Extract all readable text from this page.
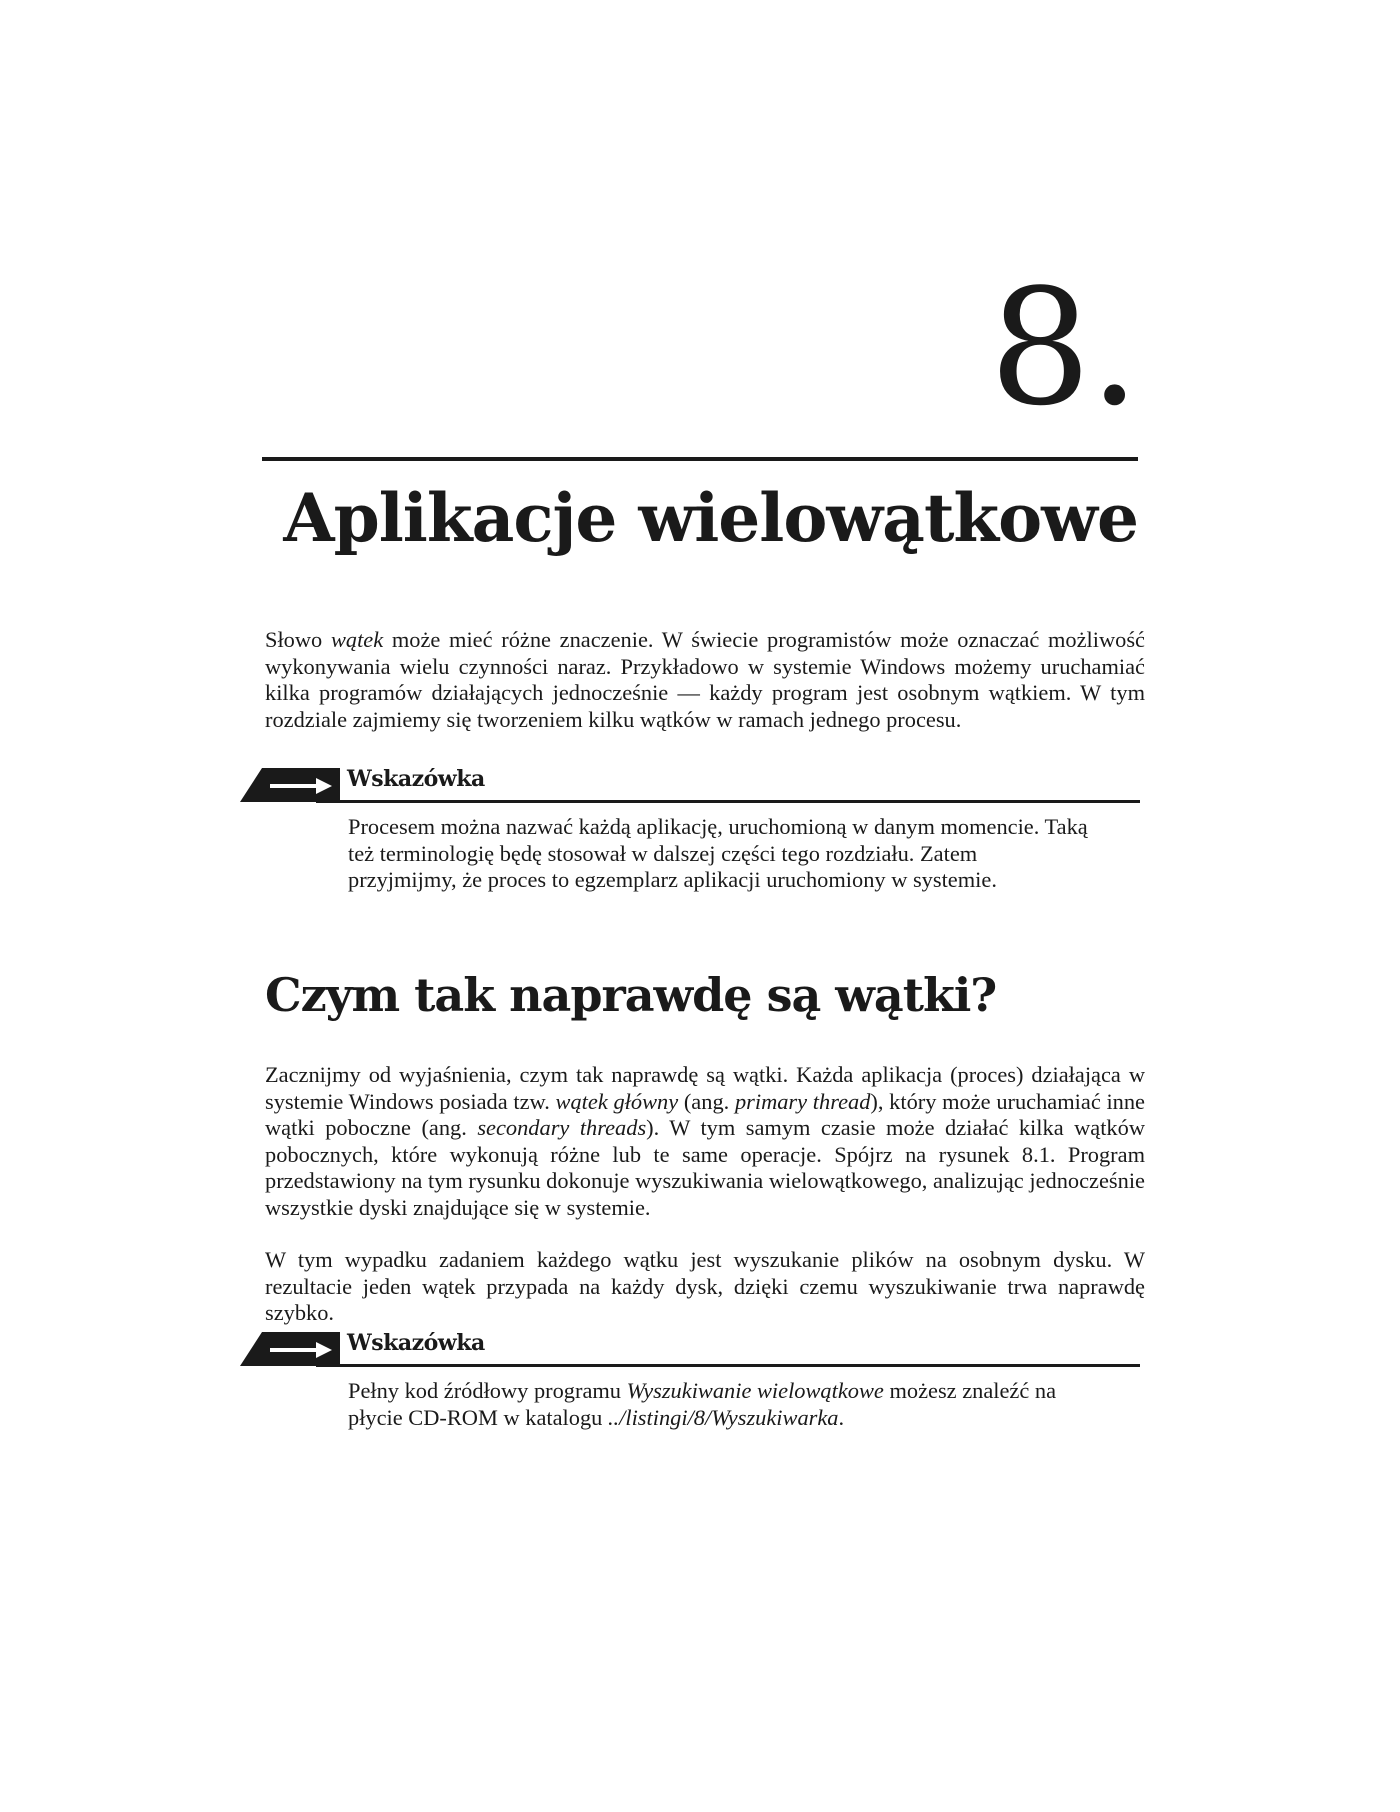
8.
Aplikacje wielowątkowe

Słowo wątek może mieć różne znaczenie. W świecie programistów może oznaczać możliwość wykonywania wielu czynności naraz. Przykładowo w systemie Windows możemy uruchamiać kilka programów działających jednocześnie — każdy program jest osobnym wątkiem. W tym rozdziale zajmiemy się tworzeniem kilku wątków w ramach jednego procesu.

Wskazówka

Procesem można nazwać każdą aplikację, uruchomioną w danym momencie. Taką też terminologię będę stosował w dalszej części tego rozdziału. Zatem przyjmijmy, że proces to egzemplarz aplikacji uruchomiony w systemie.

Czym tak naprawdę są wątki?

Zacznijmy od wyjaśnienia, czym tak naprawdę są wątki. Każda aplikacja (proces) działająca w systemie Windows posiada tzw. wątek główny (ang. primary thread), który może uruchamiać inne wątki poboczne (ang. secondary threads). W tym samym czasie może działać kilka wątków pobocznych, które wykonują różne lub te same operacje. Spójrz na rysunek 8.1. Program przedstawiony na tym rysunku dokonuje wyszukiwania wielowątkowego, analizując jednocześnie wszystkie dyski znajdujące się w systemie.

W tym wypadku zadaniem każdego wątku jest wyszukanie plików na osobnym dysku. W rezultacie jeden wątek przypada na każdy dysk, dzięki czemu wyszukiwanie trwa naprawdę szybko.

Wskazówka

Pełny kod źródłowy programu Wyszukiwanie wielowątkowe możesz znaleźć na płycie CD-ROM w katalogu ../listingi/8/Wyszukiwarka.
